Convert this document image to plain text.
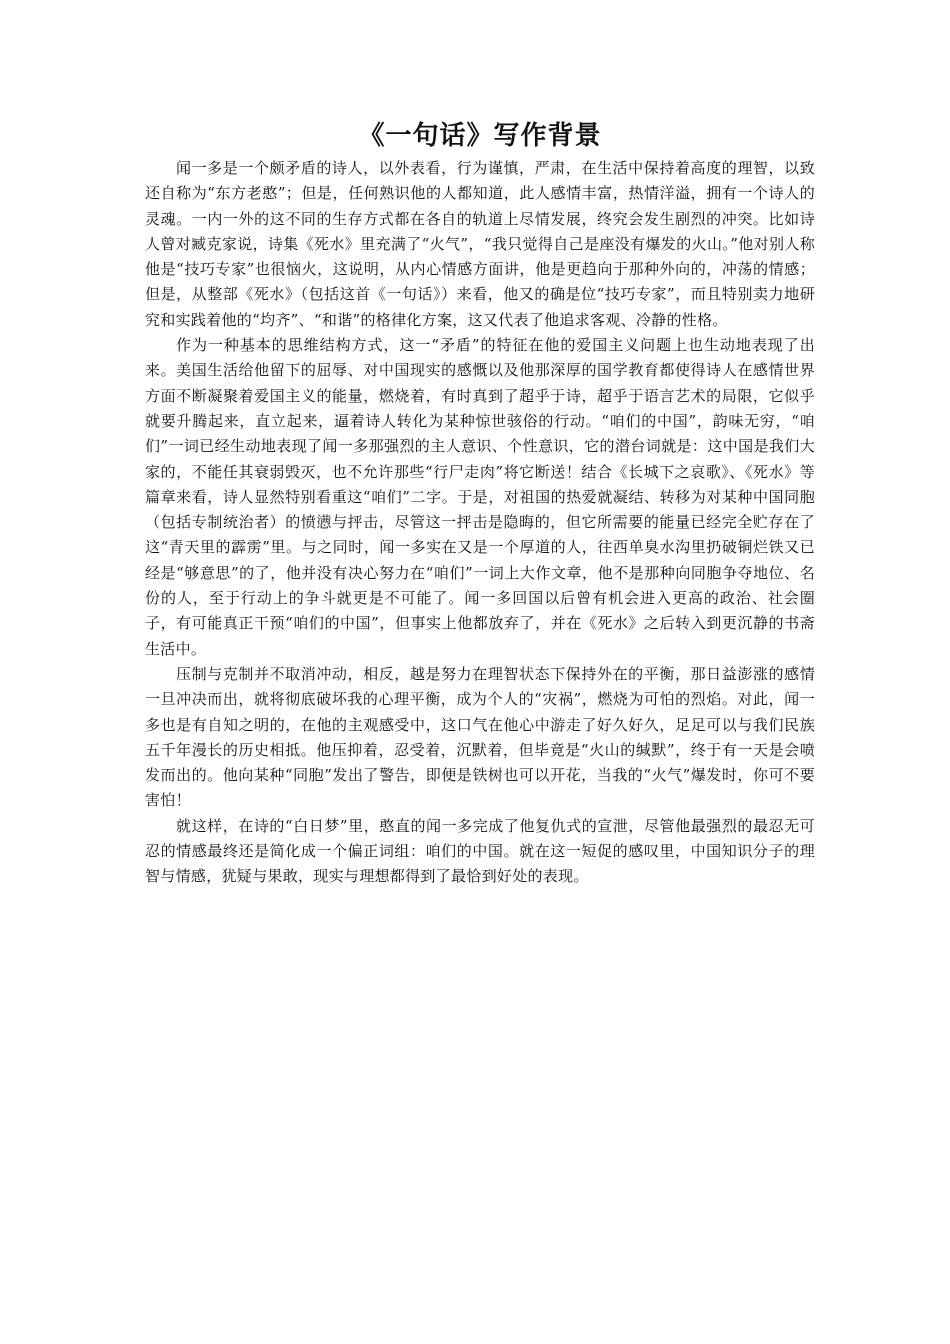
《一句话》写作背景

闻一多是一个颇矛盾的诗人，以外表看，行为谨慎，严肃，在生活中保持着高度的理智，以致还自称为“东方老憨”；但是，任何熟识他的人都知道，此人感情丰富，热情洋溢，拥有一个诗人的灵魂。一内一外的这不同的生存方式都在各自的轨道上尽情发展，终究会发生剧烈的冲突。比如诗人曾对臧克家说，诗集《死水》里充满了“火气”，“我只觉得自己是座没有爆发的火山。”他对别人称他是“技巧专家”也很恼火，这说明，从内心情感方面讲，他是更趋向于那种外向的，冲荡的情感；但是，从整部《死水》（包括这首《一句话》）来看，他又的确是位“技巧专家”，而且特别卖力地研究和实践着他的“均齐”、“和谐”的格律化方案，这又代表了他追求客观、冷静的性格。

作为一种基本的思维结构方式，这一“矛盾”的特征在他的爱国主义问题上也生动地表现了出来。美国生活给他留下的屈辱、对中国现实的感慨以及他那深厚的国学教育都使得诗人在感情世界方面不断凝聚着爱国主义的能量，燃烧着，有时真到了超乎于诗，超乎于语言艺术的局限，它似乎就要升腾起来，直立起来，逼着诗人转化为某种惊世骇俗的行动。“咱们的中国”，韵味无穷，“咱们”一词已经生动地表现了闻一多那强烈的主人意识、个性意识，它的潜台词就是：这中国是我们大家的，不能任其衰弱毁灭，也不允许那些“行尸走肉”将它断送！结合《长城下之哀歌》、《死水》等篇章来看，诗人显然特别看重这“咱们”二字。于是，对祖国的热爱就凝结、转移为对某种中国同胞（包括专制统治者）的愤懑与抨击，尽管这一抨击是隐晦的，但它所需要的能量已经完全贮存在了这“青天里的霹雳”里。与之同时，闻一多实在又是一个厚道的人，往西单臭水沟里扔破铜烂铁又已经是“够意思”的了，他并没有决心努力在“咱们”一词上大作文章，他不是那种向同胞争夺地位、名份的人，至于行动上的争斗就更是不可能了。闻一多回国以后曾有机会进入更高的政治、社会圈子，有可能真正干预“咱们的中国”，但事实上他都放弃了，并在《死水》之后转入到更沉静的书斋生活中。

压制与克制并不取消冲动，相反，越是努力在理智状态下保持外在的平衡，那日益澎涨的感情一旦冲决而出，就将彻底破坏我的心理平衡，成为个人的“灾祸”，燃烧为可怕的烈焰。对此，闻一多也是有自知之明的，在他的主观感受中，这口气在他心中游走了好久好久，足足可以与我们民族五千年漫长的历史相抵。他压抑着，忍受着，沉默着，但毕竟是“火山的缄默”，终于有一天是会喷发而出的。他向某种“同胞”发出了警告，即便是铁树也可以开花，当我的“火气”爆发时，你可不要害怕！

就这样，在诗的“白日梦”里，憨直的闻一多完成了他复仇式的宣泄，尽管他最强烈的最忍无可忍的情感最终还是简化成一个偏正词组：咱们的中国。就在这一短促的感叹里，中国知识分子的理智与情感，犹疑与果敢，现实与理想都得到了最恰到好处的表现。
